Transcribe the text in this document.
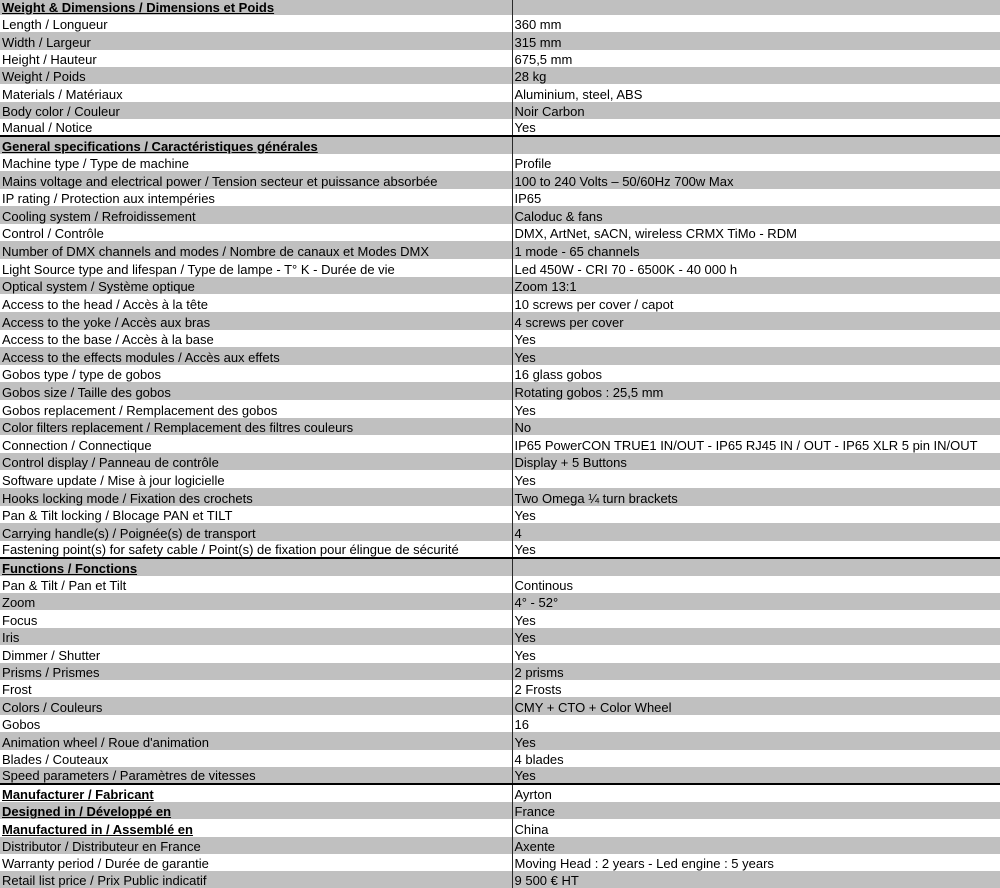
Weight & Dimensions / Dimensions et Poids	
Length / Longueur	360 mm
Width / Largeur	315 mm
Height / Hauteur	675,5 mm
Weight / Poids	28 kg
Materials / Matériaux	Aluminium, steel, ABS
Body color / Couleur	Noir Carbon
Manual / Notice	Yes
General specifications / Caractéristiques générales	
Machine type / Type de machine	Profile
Mains voltage and electrical power / Tension secteur et puissance absorbée	100 to 240 Volts – 50/60Hz 700w Max
IP rating / Protection aux intempéries	IP65
Cooling system / Refroidissement	Caloduc & fans
Control / Contrôle	DMX, ArtNet, sACN, wireless CRMX TiMo - RDM
Number of DMX channels and modes / Nombre de canaux et Modes DMX	1 mode - 65 channels
Light Source type and lifespan / Type de lampe - T° K - Durée de vie	Led 450W - CRI 70 - 6500K - 40 000 h
Optical system / Système optique	Zoom 13:1
Access to the head / Accès à la tête	10 screws per cover / capot
Access to the yoke / Accès aux bras	4 screws per cover
Access to the base / Accès à la base	Yes
Access to the effects modules / Accès aux effets	Yes
Gobos type / type de gobos	16 glass gobos
Gobos size / Taille des gobos	Rotating gobos : 25,5 mm
Gobos replacement / Remplacement des gobos	Yes
Color filters replacement / Remplacement des filtres couleurs	No
Connection / Connectique	IP65 PowerCON TRUE1 IN/OUT - IP65 RJ45 IN / OUT - IP65 XLR 5 pin IN/OUT
Control display / Panneau de contrôle	Display + 5 Buttons
Software update / Mise à jour logicielle	Yes
Hooks locking mode / Fixation des crochets	Two Omega ¼ turn brackets
Pan & Tilt locking / Blocage PAN et TILT	Yes
Carrying handle(s) / Poignée(s) de transport	4
Fastening point(s) for safety cable / Point(s) de fixation pour élingue de sécurité	Yes
Functions / Fonctions	
Pan & Tilt / Pan et Tilt	Continous
Zoom	4° - 52°
Focus	Yes
Iris	Yes
Dimmer / Shutter	Yes
Prisms / Prismes	2 prisms
Frost	2 Frosts
Colors / Couleurs	CMY + CTO + Color Wheel
Gobos	16
Animation wheel / Roue d'animation	Yes
Blades / Couteaux	4 blades
Speed parameters / Paramètres de vitesses	Yes
Manufacturer / Fabricant	Ayrton
Designed in / Développé en	France
Manufactured in / Assemblé en	China
Distributor / Distributeur en France	Axente
Warranty period / Durée de garantie	Moving Head : 2 years - Led engine : 5 years
Retail list price / Prix Public indicatif	9 500 € HT
